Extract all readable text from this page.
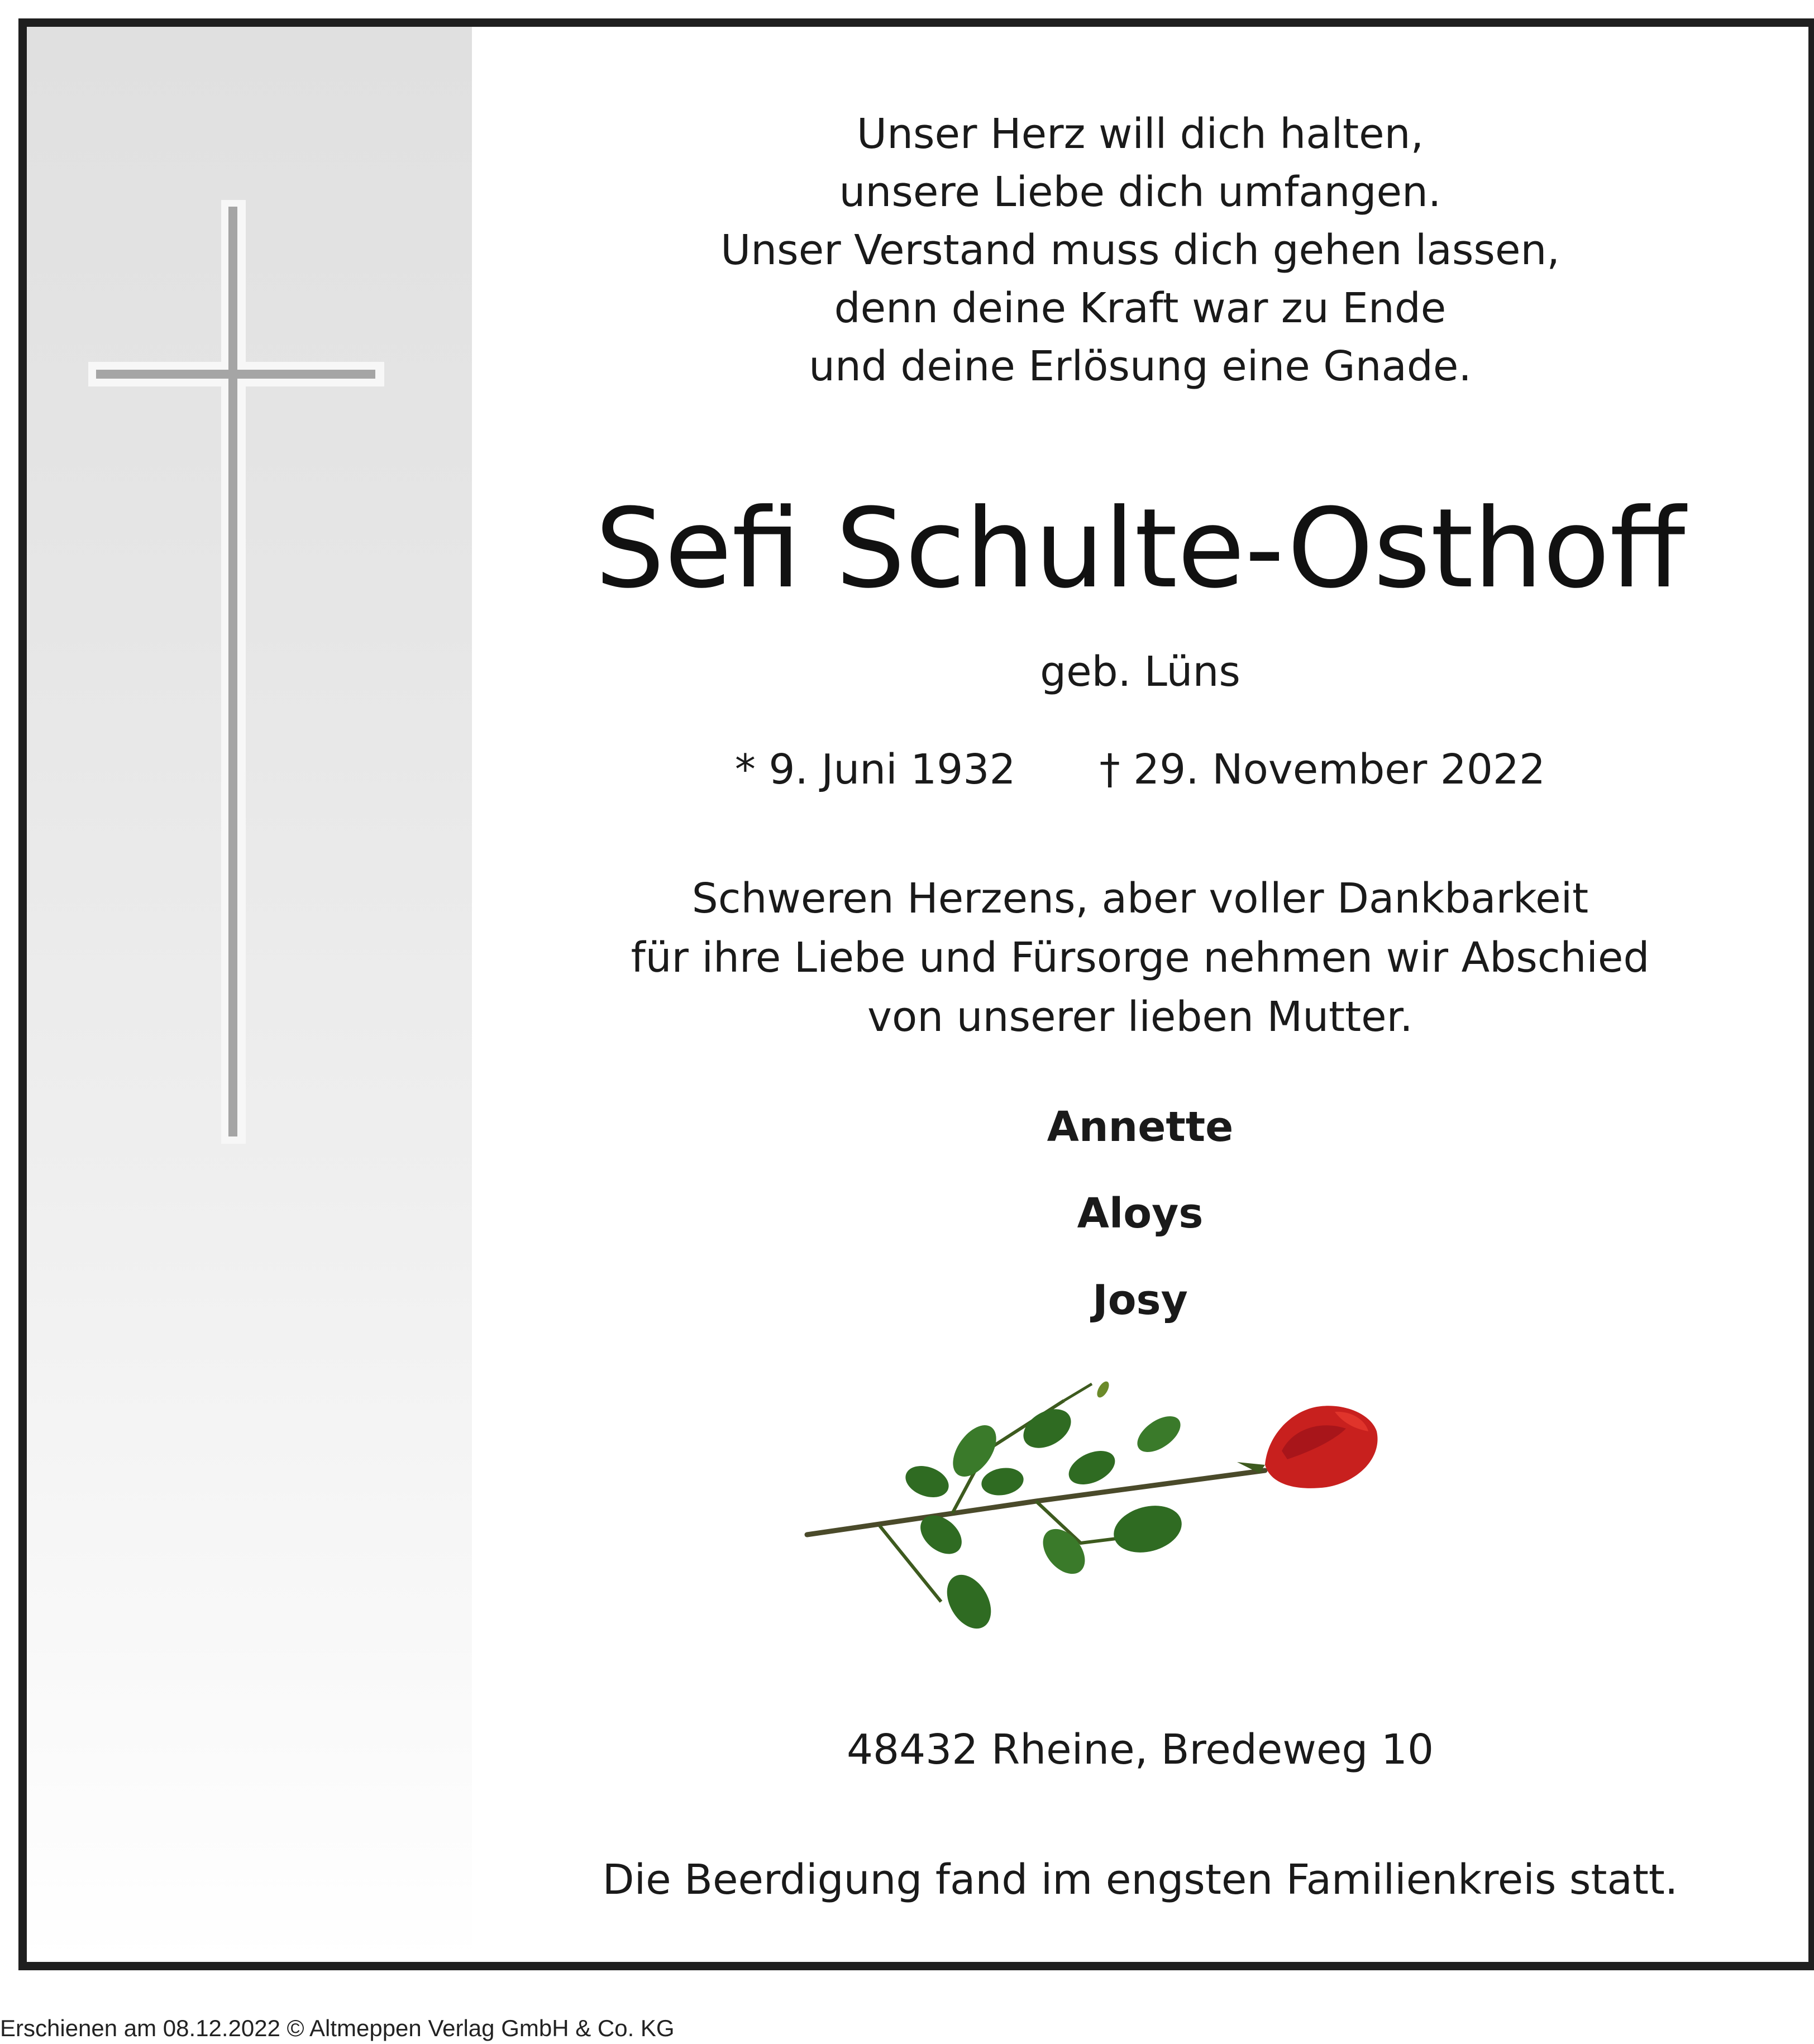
Unser Herz will dich halten,
unsere Liebe dich umfangen.
Unser Verstand muss dich gehen lassen,
denn deine Kraft war zu Ende
und deine Erlösung eine Gnade.
Sefi Schulte-Osthoff
geb. Lüns
* 9. Juni 1932 † 29. November 2022
Schweren Herzens, aber voller Dankbarkeit
für ihre Liebe und Fürsorge nehmen wir Abschied
von unserer lieben Mutter.
Annette
Aloys
Josy
48432 Rheine, Bredeweg 10
Die Beerdigung fand im engsten Familienkreis statt.
Erschienen am 08.12.2022 © Altmeppen Verlag GmbH & Co. KG
